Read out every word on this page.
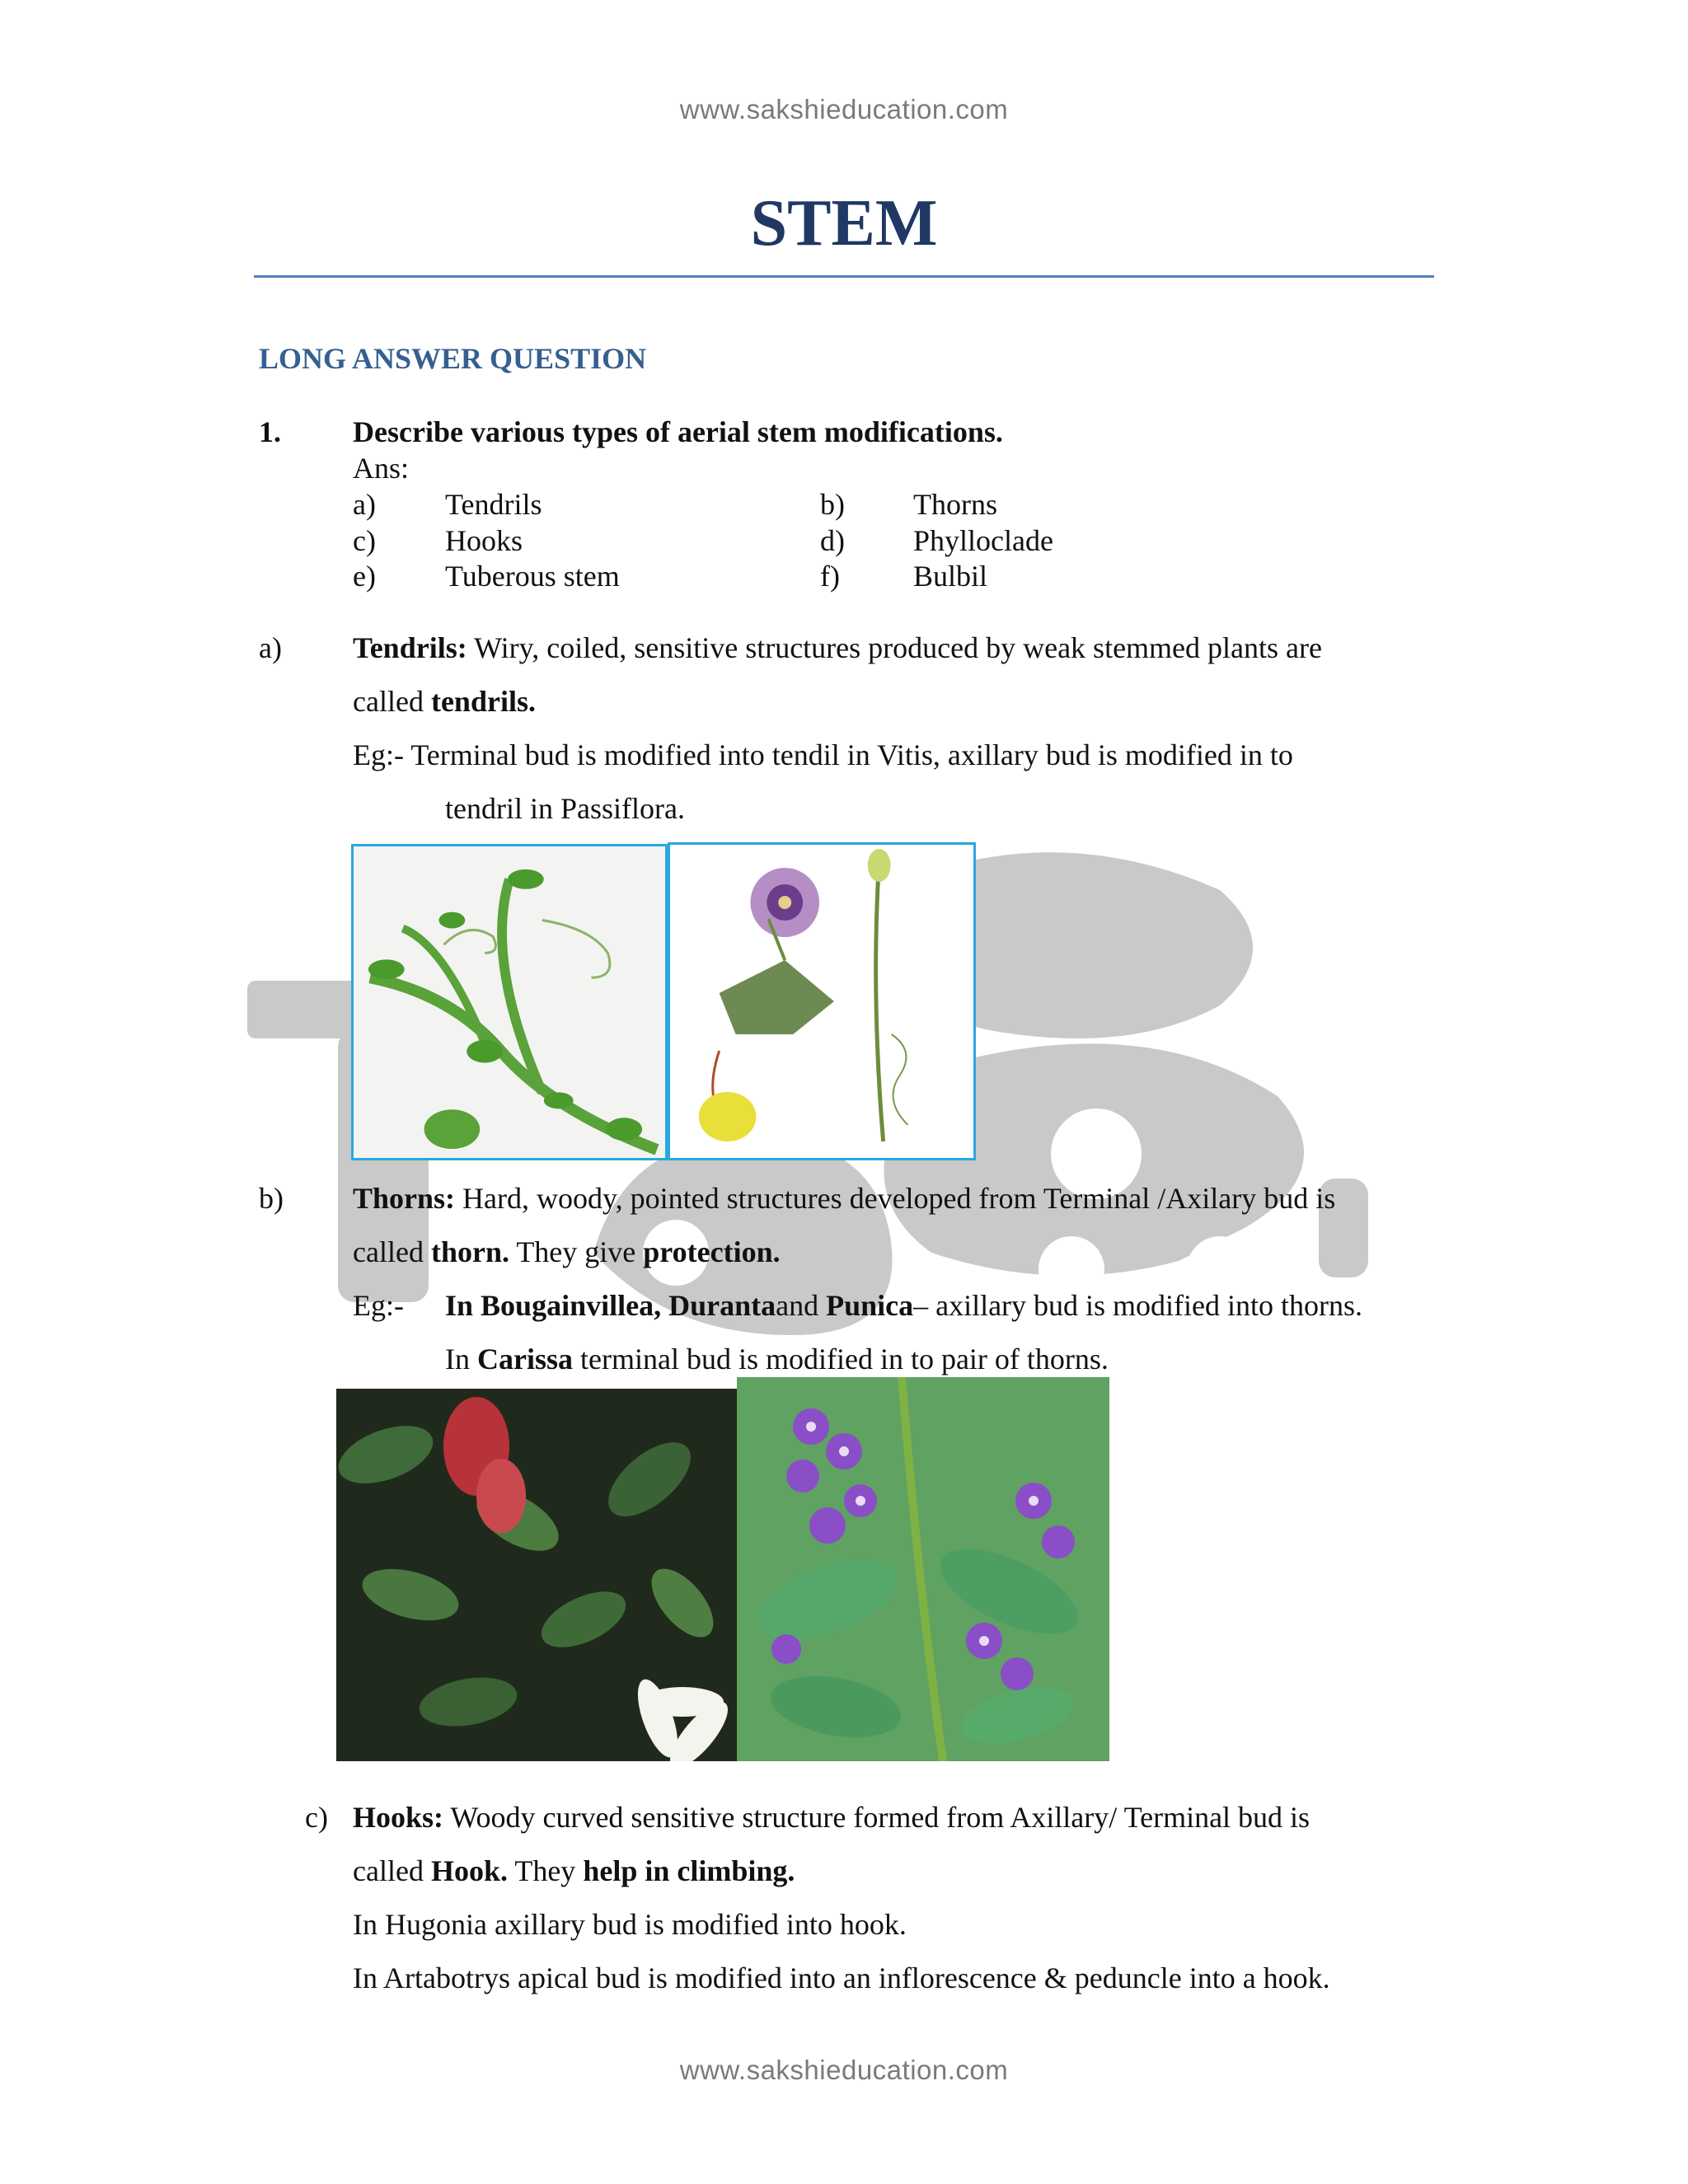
www.sakshieducation.com
STEM
LONG ANSWER QUESTION
1. Describe various types of aerial stem modifications.
Ans:
a) Tendrils	b) Thorns
c) Hooks	d) Phylloclade
e) Tuberous stem	f) Bulbil
a) Tendrils: Wiry, coiled, sensitive structures produced by weak stemmed plants are
called tendrils.
Eg:- Terminal bud is modified into tendil in Vitis, axillary bud is modified in to
tendril in Passiflora.
b) Thorns: Hard, woody, pointed structures developed from Terminal /Axilary bud is
called thorn. They give protection.
Eg:- In Bougainvillea, Durantaand Punica– axillary bud is modified into thorns.
In Carissa terminal bud is modified in to pair of thorns.
c) Hooks: Woody curved sensitive structure formed from Axillary/ Terminal bud is
called Hook. They help in climbing.
In Hugonia axillary bud is modified into hook.
In Artabotrys apical bud is modified into an inflorescence & peduncle into a hook.
www.sakshieducation.com
